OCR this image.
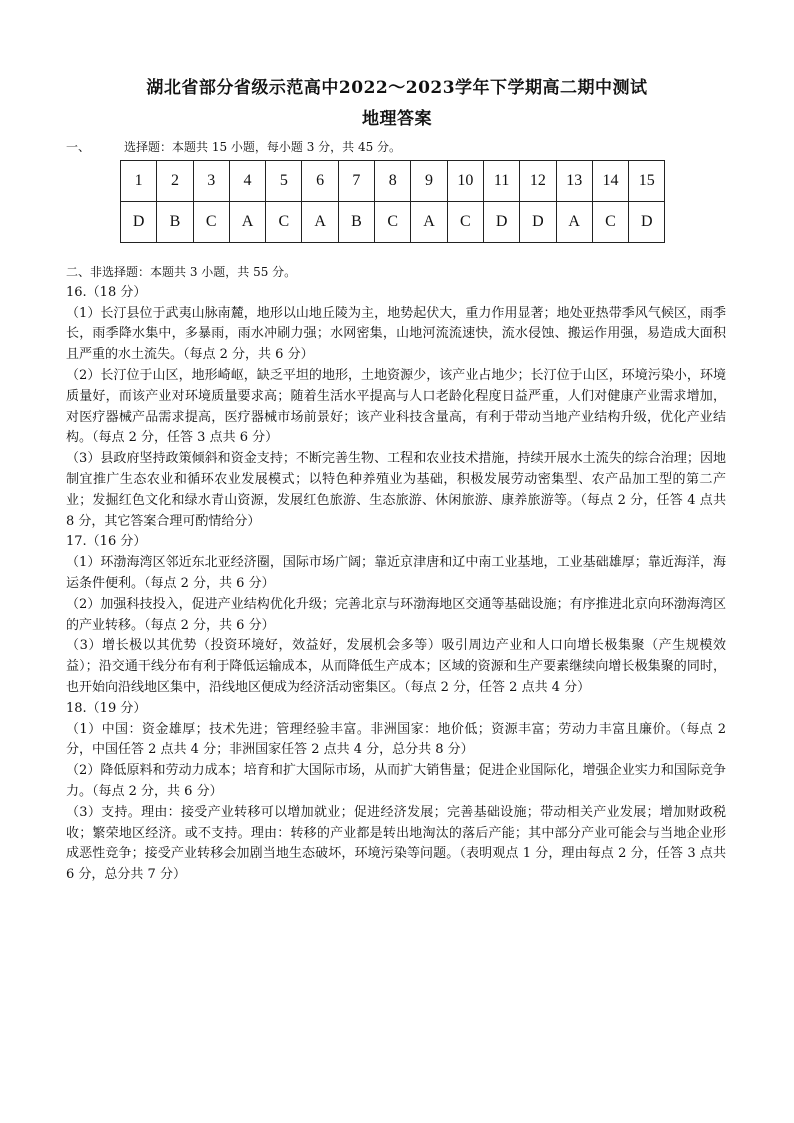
湖北省部分省级示范高中2022～2023学年下学期高二期中测试
地理答案
一、	选择题：本题共 15 小题，每小题 3 分，共 45 分。
1	2	3	4	5	6	7	8	9	10	11	12	13	14	15
D	B	C	A	C	A	B	C	A	C	D	D	A	C	D

二、非选择题：本题共 3 小题，共 55 分。

16.（18 分）

（1）长汀县位于武夷山脉南麓，地形以山地丘陵为主，地势起伏大，重力作用显著；地处亚热带季风气候区，雨季长，雨季降水集中，多暴雨，雨水冲刷力强；水网密集，山地河流流速快，流水侵蚀、搬运作用强，易造成大面积且严重的水土流失。（每点 2 分，共 6 分）

（2）长汀位于山区，地形崎岖，缺乏平坦的地形，土地资源少，该产业占地少；长汀位于山区，环境污染小，环境质量好，而该产业对环境质量要求高；随着生活水平提高与人口老龄化程度日益严重，人们对健康产业需求增加，对医疗器械产品需求提高，医疗器械市场前景好；该产业科技含量高，有利于带动当地产业结构升级，优化产业结构。（每点 2 分，任答 3 点共 6 分）

（3）县政府坚持政策倾斜和资金支持；不断完善生物、工程和农业技术措施，持续开展水土流失的综合治理；因地制宜推广生态农业和循环农业发展模式；以特色种养殖业为基础，积极发展劳动密集型、农产品加工型的第二产业；发掘红色文化和绿水青山资源，发展红色旅游、生态旅游、休闲旅游、康养旅游等。（每点 2 分，任答 4 点共 8 分，其它答案合理可酌情给分）

17.（16 分）

（1）环渤海湾区邻近东北亚经济圈，国际市场广阔；靠近京津唐和辽中南工业基地，工业基础雄厚；靠近海洋，海运条件便利。（每点 2 分，共 6 分）

（2）加强科技投入，促进产业结构优化升级；完善北京与环渤海地区交通等基础设施；有序推进北京向环渤海湾区的产业转移。（每点 2 分，共 6 分）

（3）增长极以其优势（投资环境好，效益好，发展机会多等）吸引周边产业和人口向增长极集聚（产生规模效益）；沿交通干线分布有利于降低运输成本，从而降低生产成本；区域的资源和生产要素继续向增长极集聚的同时，也开始向沿线地区集中，沿线地区便成为经济活动密集区。（每点 2 分，任答 2 点共 4 分）

18.（19 分）

（1）中国：资金雄厚；技术先进；管理经验丰富。非洲国家：地价低；资源丰富；劳动力丰富且廉价。（每点 2 分，中国任答 2 点共 4 分；非洲国家任答 2 点共 4 分，总分共 8 分）

（2）降低原料和劳动力成本；培育和扩大国际市场，从而扩大销售量；促进企业国际化，增强企业实力和国际竞争力。（每点 2 分，共 6 分）

（3）支持。理由：接受产业转移可以增加就业；促进经济发展；完善基础设施；带动相关产业发展；增加财政税收；繁荣地区经济。或不支持。理由：转移的产业都是转出地淘汰的落后产能；其中部分产业可能会与当地企业形成恶性竞争；接受产业转移会加剧当地生态破坏，环境污染等问题。（表明观点 1 分，理由每点 2 分，任答 3 点共 6 分，总分共 7 分）
